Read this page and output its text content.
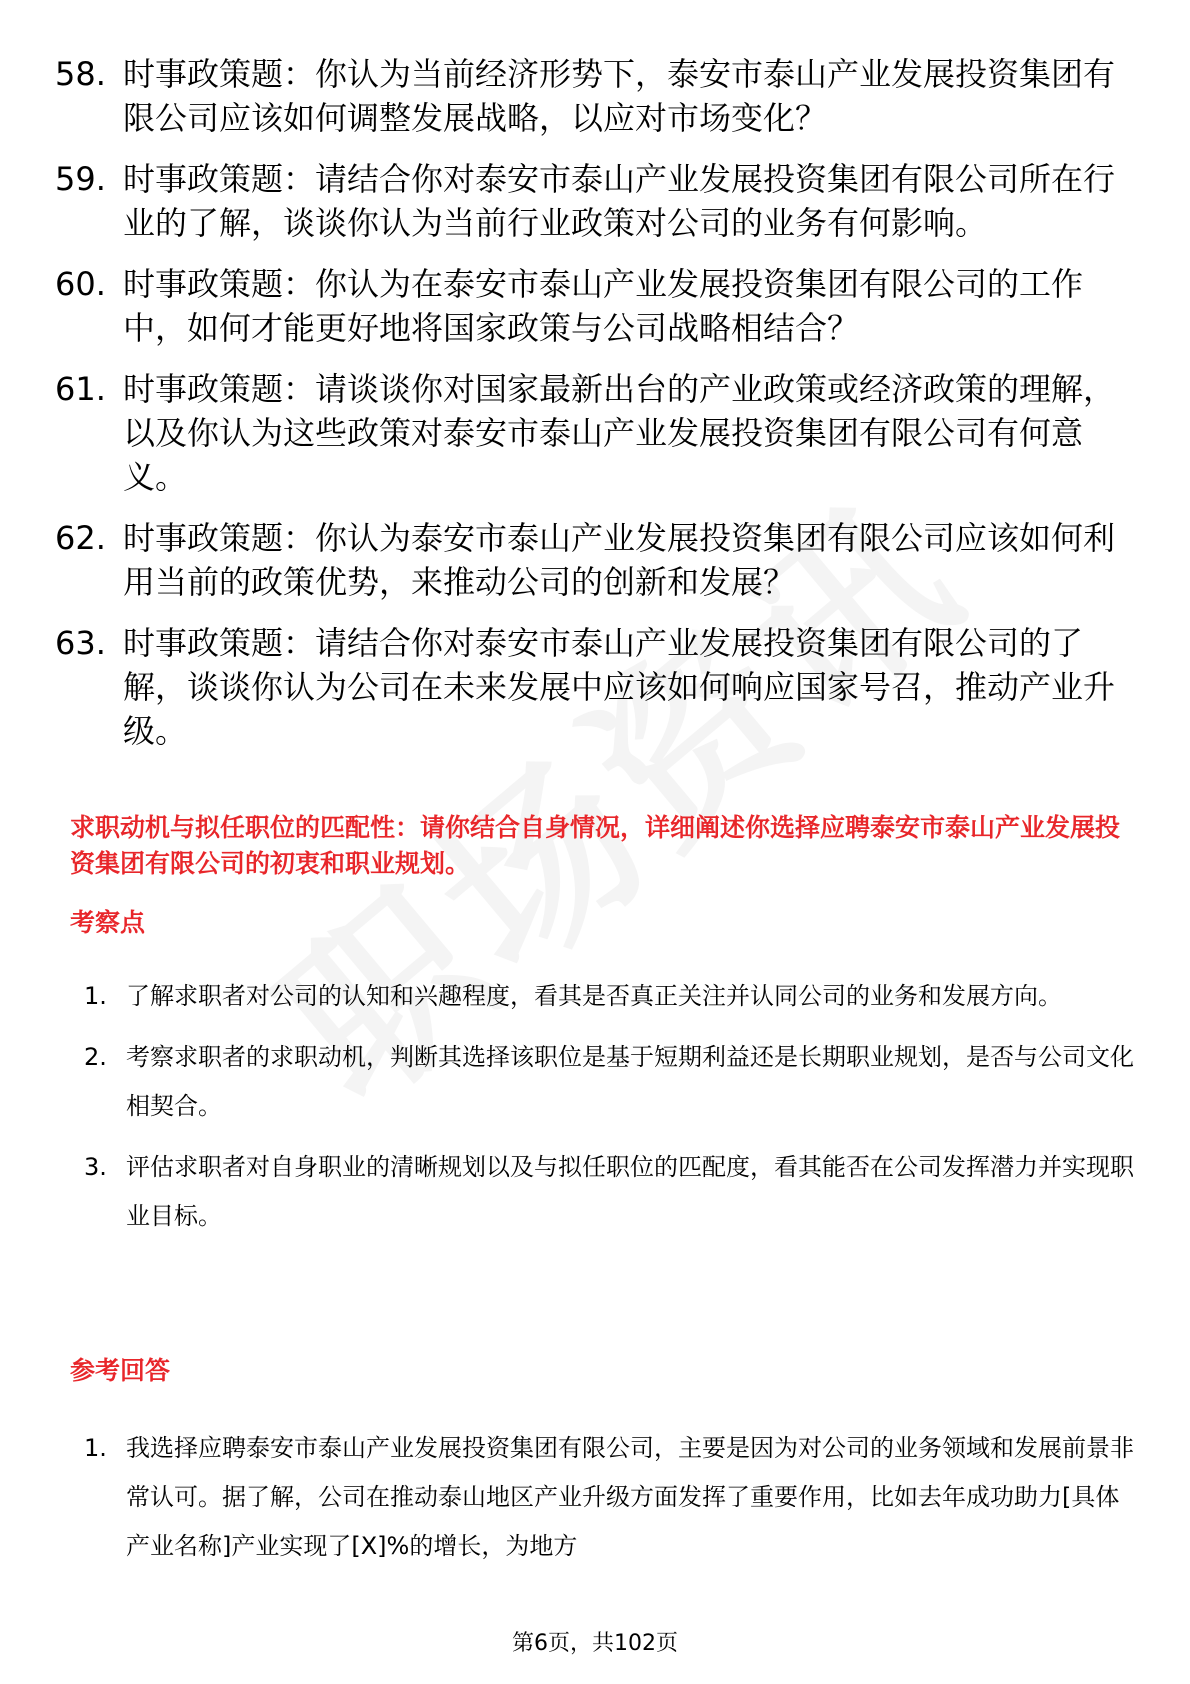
58. 时事政策题：你认为当前经济形势下，泰安市泰山产业发展投资集团有限公司应该如何调整发展战略，以应对市场变化？
59. 时事政策题：请结合你对泰安市泰山产业发展投资集团有限公司所在行业的了解，谈谈你认为当前行业政策对公司的业务有何影响。
60. 时事政策题：你认为在泰安市泰山产业发展投资集团有限公司的工作中，如何才能更好地将国家政策与公司战略相结合？
61. 时事政策题：请谈谈你对国家最新出台的产业政策或经济政策的理解，以及你认为这些政策对泰安市泰山产业发展投资集团有限公司有何意义。
62. 时事政策题：你认为泰安市泰山产业发展投资集团有限公司应该如何利用当前的政策优势，来推动公司的创新和发展？
63. 时事政策题：请结合你对泰安市泰山产业发展投资集团有限公司的了解，谈谈你认为公司在未来发展中应该如何响应国家号召，推动产业升级。
求职动机与拟任职位的匹配性：请你结合自身情况，详细阐述你选择应聘泰安市泰山产业发展投资集团有限公司的初衷和职业规划。
考察点
1. 了解求职者对公司的认知和兴趣程度，看其是否真正关注并认同公司的业务和发展方向。
2. 考察求职者的求职动机，判断其选择该职位是基于短期利益还是长期职业规划，是否与公司文化相契合。
3. 评估求职者对自身职业的清晰规划以及与拟任职位的匹配度，看其能否在公司发挥潜力并实现职业目标。
参考回答
1. 我选择应聘泰安市泰山产业发展投资集团有限公司，主要是因为对公司的业务领域和发展前景非常认可。据了解，公司在推动泰山地区产业升级方面发挥了重要作用，比如去年成功助力[具体产业名称]产业实现了[X]%的增长，为地方
第6页，共102页
